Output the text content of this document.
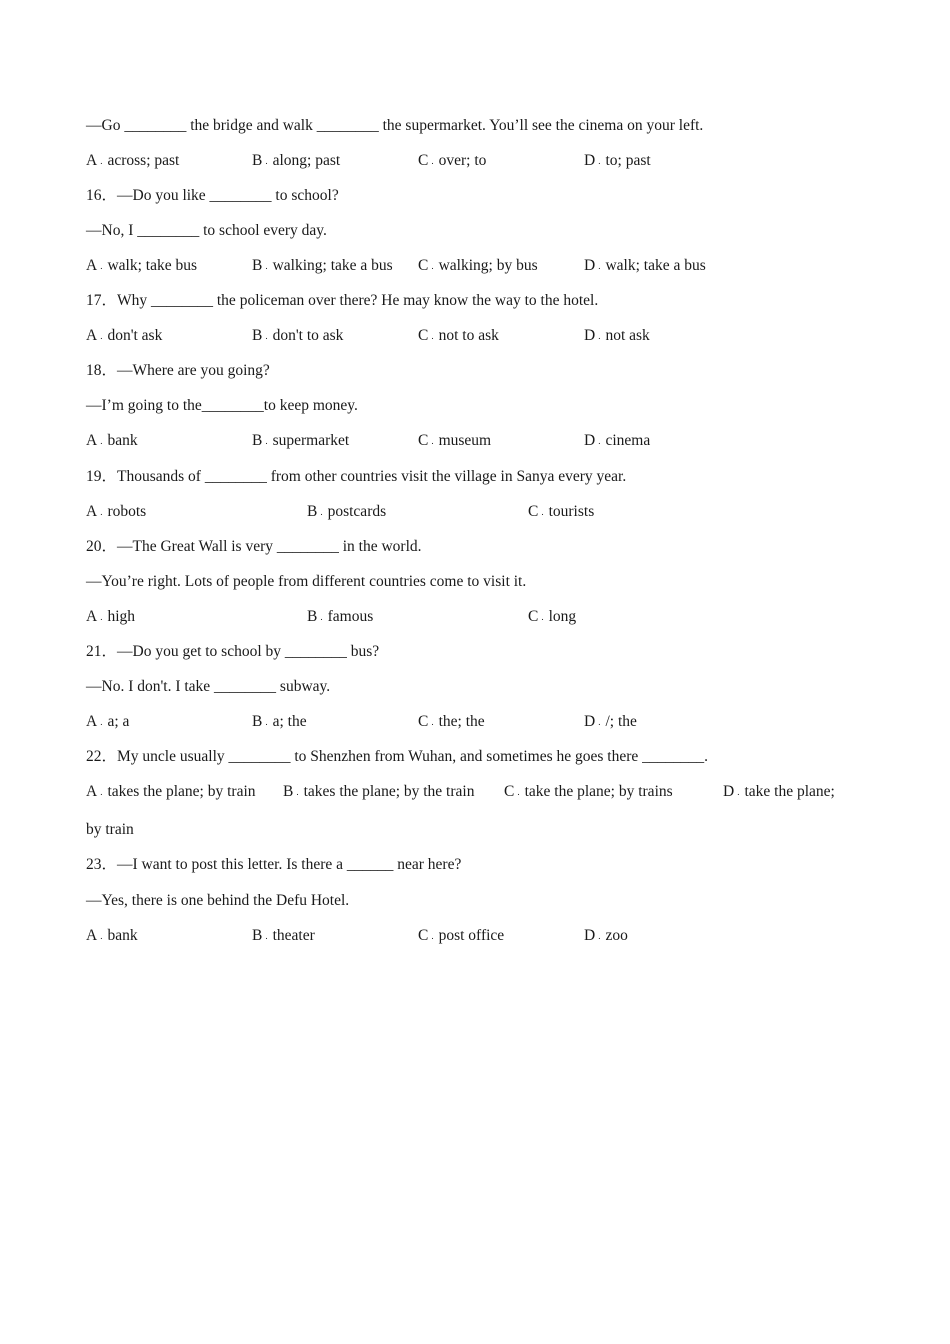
—Go ________ the bridge and walk ________ the supermarket. You’ll see the cinema on your left.
A . across; past	B . along; past	C . over; to	D . to; past
16．—Do you like ________ to school?
—No, I ________ to school every day.
A . walk; take bus	B . walking; take a bus C . walking; by bus	D . walk; take a bus
17．Why ________ the policeman over there? He may know the way to the hotel.
A . don't ask	B . don't to ask	C . not to ask	D . not ask
18．—Where are you going?
—I’m going to the________to keep money.
A . bank	B . supermarket	C . museum	D . cinema
19．Thousands of ________ from other countries visit the village in Sanya every year.
A . robots	B . postcards	C . tourists
20．—The Great Wall is very ________ in the world.
—You’re right. Lots of people from different countries come to visit it.
A . high	B . famous	C . long
21．—Do you get to school by ________ bus?
—No. I don't. I take ________ subway.
A . a; a	B . a; the	C . the; the	D . /; the
22．My uncle usually ________ to Shenzhen from Wuhan, and sometimes he goes there ________.
A . takes the plane; by train B . takes the plane; by the train C . take the plane; by trains	D . take the plane;
by train
23．—I want to post this letter. Is there a ______ near here?
—Yes, there is one behind the Defu Hotel.
A . bank	B . theater	C . post office	D . zoo
